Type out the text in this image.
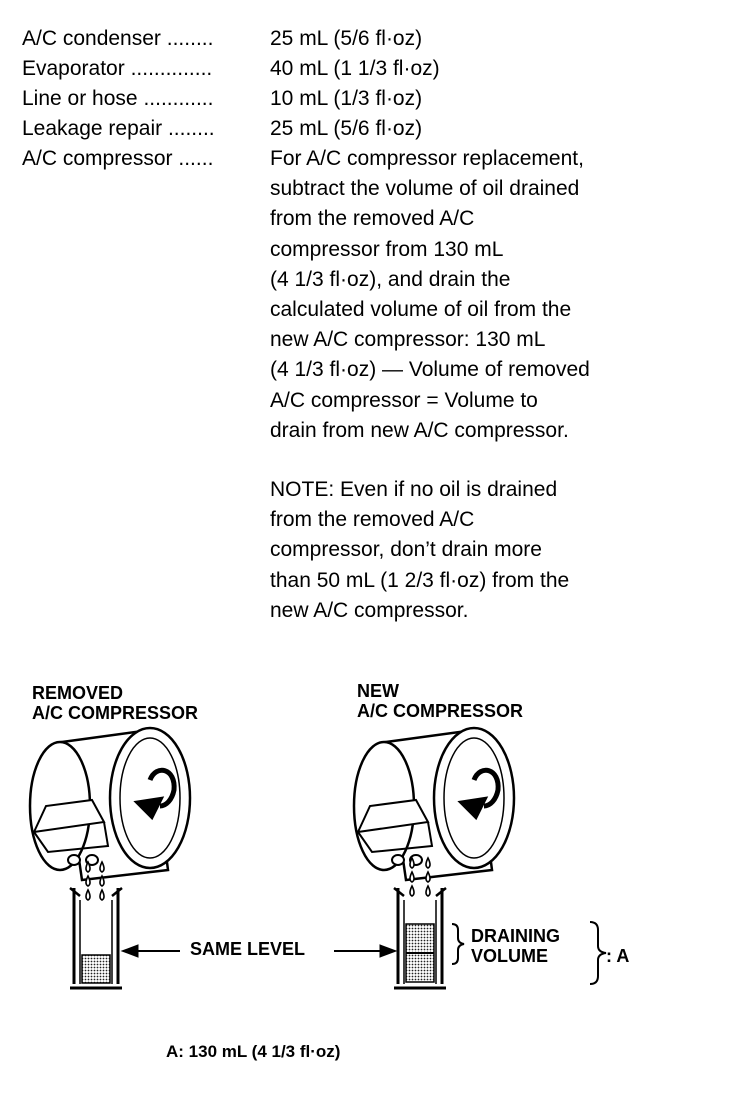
A/C condenser ........	25 mL (5/6 fl·oz)
Evaporator ..............	40 mL (1 1/3 fl·oz)
Line or hose ............	10 mL (1/3 fl·oz)
Leakage repair ........	25 mL (5/6 fl·oz)
A/C compressor ......	For A/C compressor replacement,
subtract the volume of oil drained
from the removed A/C
compressor from 130 mL
(4 1/3 fl·oz), and drain the
calculated volume of oil from the
new A/C compressor: 130 mL
(4 1/3 fl·oz) — Volume of removed
A/C compressor = Volume to
drain from new A/C compressor.
NOTE: Even if no oil is drained
from the removed A/C
compressor, don’t drain more
than 50 mL (1 2/3 fl·oz) from the
new A/C compressor.
REMOVED
A/C COMPRESSOR
NEW
A/C COMPRESSOR
SAME LEVEL
DRAINING
VOLUME	: A
A: 130 mL (4 1/3 fl·oz)
